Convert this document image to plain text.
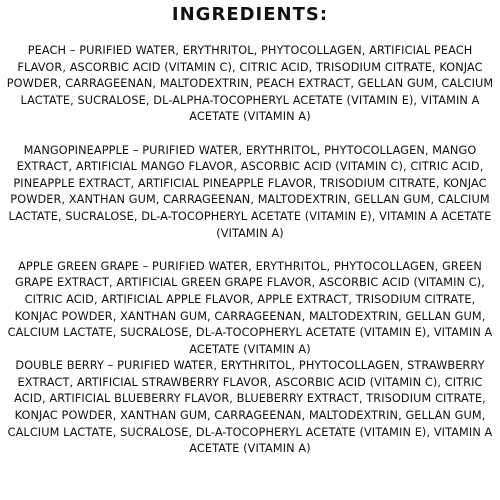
INGREDIENTS:

PEACH – PURIFIED WATER, ERYTHRITOL, PHYTOCOLLAGEN, ARTIFICIAL PEACH FLAVOR, ASCORBIC ACID (VITAMIN C), CITRIC ACID, TRISODIUM CITRATE, KONJAC POWDER, CARRAGEENAN, MALTODEXTRIN, PEACH EXTRACT, GELLAN GUM, CALCIUM LACTATE, SUCRALOSE, DL-ALPHA-TOCOPHERYL ACETATE (VITAMIN E), VITAMIN A ACETATE (VITAMIN A)

MANGOPINEAPPLE – PURIFIED WATER, ERYTHRITOL, PHYTOCOLLAGEN, MANGO EXTRACT, ARTIFICIAL MANGO FLAVOR, ASCORBIC ACID (VITAMIN C), CITRIC ACID, PINEAPPLE EXTRACT, ARTIFICIAL PINEAPPLE FLAVOR, TRISODIUM CITRATE, KONJAC POWDER, XANTHAN GUM, CARRAGEENAN, MALTODEXTRIN, GELLAN GUM, CALCIUM LACTATE, SUCRALOSE, DL-A-TOCOPHERYL ACETATE (VITAMIN E), VITAMIN A ACETATE (VITAMIN A)

APPLE GREEN GRAPE – PURIFIED WATER, ERYTHRITOL, PHYTOCOLLAGEN, GREEN GRAPE EXTRACT, ARTIFICIAL GREEN GRAPE FLAVOR, ASCORBIC ACID (VITAMIN C), CITRIC ACID, ARTIFICIAL APPLE FLAVOR, APPLE EXTRACT, TRISODIUM CITRATE, KONJAC POWDER, XANTHAN GUM, CARRAGEENAN, MALTODEXTRIN, GELLAN GUM, CALCIUM LACTATE, SUCRALOSE, DL-A-TOCOPHERYL ACETATE (VITAMIN E), VITAMIN A ACETATE (VITAMIN A)

DOUBLE BERRY – PURIFIED WATER, ERYTHRITOL, PHYTOCOLLAGEN, STRAWBERRY EXTRACT, ARTIFICIAL STRAWBERRY FLAVOR, ASCORBIC ACID (VITAMIN C), CITRIC ACID, ARTIFICIAL BLUEBERRY FLAVOR, BLUEBERRY EXTRACT, TRISODIUM CITRATE, KONJAC POWDER, XANTHAN GUM, CARRAGEENAN, MALTODEXTRIN, GELLAN GUM, CALCIUM LACTATE, SUCRALOSE, DL-A-TOCOPHERYL ACETATE (VITAMIN E), VITAMIN A ACETATE (VITAMIN A)
